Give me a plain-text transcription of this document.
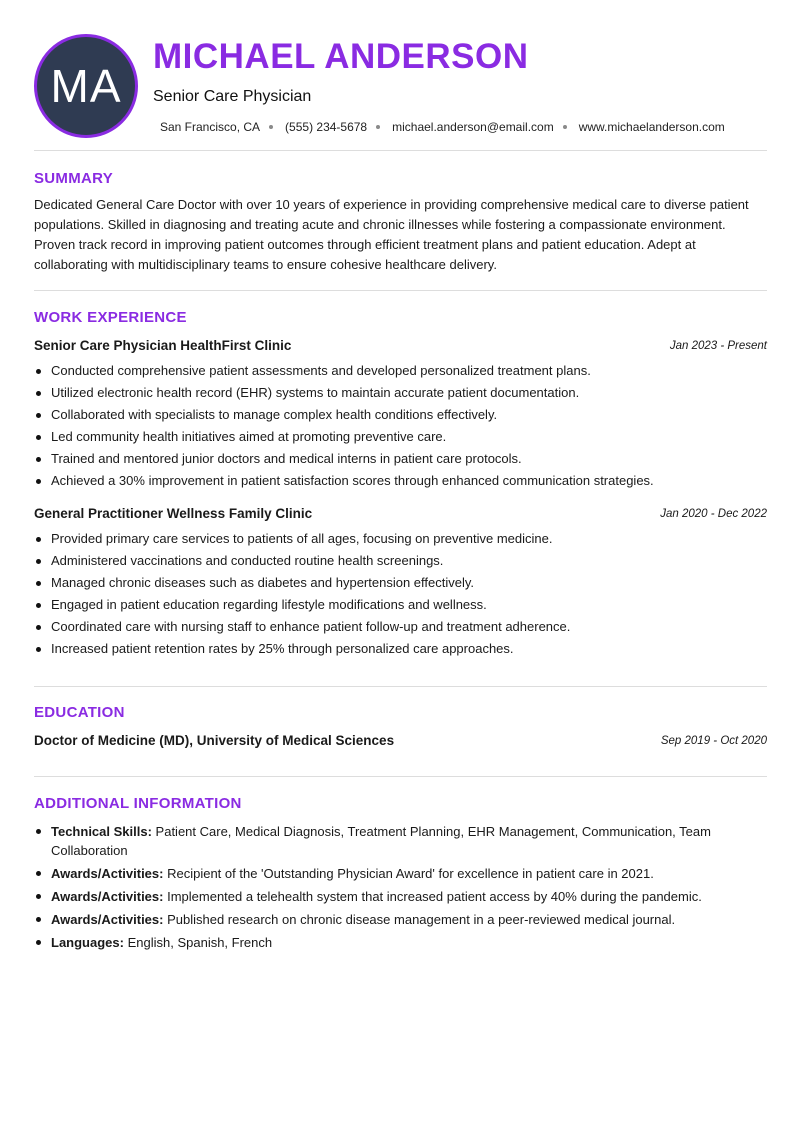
MA
MICHAEL ANDERSON
Senior Care Physician
San Francisco, CA (555) 234-5678 michael.anderson@email.com www.michaelanderson.com
SUMMARY
Dedicated General Care Doctor with over 10 years of experience in providing comprehensive medical care to diverse patient populations. Skilled in diagnosing and treating acute and chronic illnesses while fostering a compassionate environment. Proven track record in improving patient outcomes through efficient treatment plans and patient education. Adept at collaborating with multidisciplinary teams to ensure cohesive healthcare delivery.
WORK EXPERIENCE
Senior Care Physician HealthFirst Clinic	Jan 2023 - Present
Conducted comprehensive patient assessments and developed personalized treatment plans.
Utilized electronic health record (EHR) systems to maintain accurate patient documentation.
Collaborated with specialists to manage complex health conditions effectively.
Led community health initiatives aimed at promoting preventive care.
Trained and mentored junior doctors and medical interns in patient care protocols.
Achieved a 30% improvement in patient satisfaction scores through enhanced communication strategies.
General Practitioner Wellness Family Clinic	Jan 2020 - Dec 2022
Provided primary care services to patients of all ages, focusing on preventive medicine.
Administered vaccinations and conducted routine health screenings.
Managed chronic diseases such as diabetes and hypertension effectively.
Engaged in patient education regarding lifestyle modifications and wellness.
Coordinated care with nursing staff to enhance patient follow-up and treatment adherence.
Increased patient retention rates by 25% through personalized care approaches.
EDUCATION
Doctor of Medicine (MD), University of Medical Sciences	Sep 2019 - Oct 2020
ADDITIONAL INFORMATION
Technical Skills: Patient Care, Medical Diagnosis, Treatment Planning, EHR Management, Communication, Team Collaboration
Awards/Activities: Recipient of the 'Outstanding Physician Award' for excellence in patient care in 2021.
Awards/Activities: Implemented a telehealth system that increased patient access by 40% during the pandemic.
Awards/Activities: Published research on chronic disease management in a peer-reviewed medical journal.
Languages: English, Spanish, French
